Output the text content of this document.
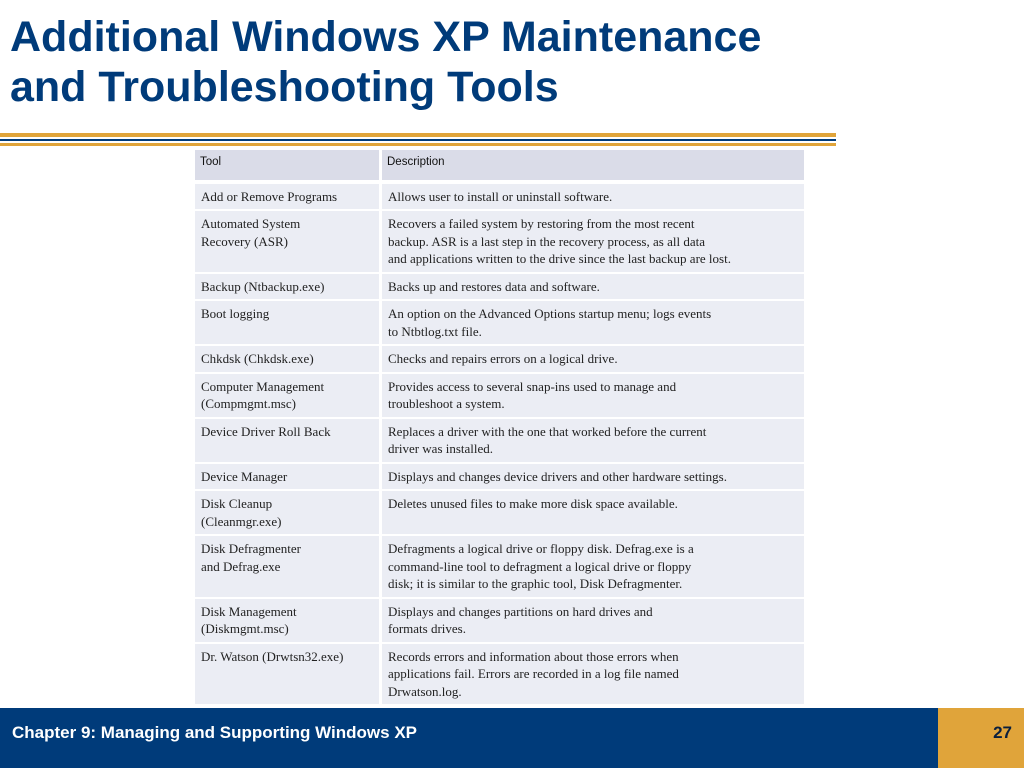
Additional Windows XP Maintenance
and Troubleshooting Tools
Tool	Description

Add or Remove Programs	Allows user to install or uninstall software.

Automated System
Recovery (ASR)	Recovers a failed system by restoring from the most recent
backup. ASR is a last step in the recovery process, as all data
and applications written to the drive since the last backup are lost.

Backup (Ntbackup.exe)	Backs up and restores data and software.

Boot logging	An option on the Advanced Options startup menu; logs events
to Ntbtlog.txt file.

Chkdsk (Chkdsk.exe)	Checks and repairs errors on a logical drive.

Computer Management
(Compmgmt.msc)	Provides access to several snap-ins used to manage and
troubleshoot a system.

Device Driver Roll Back	Replaces a driver with the one that worked before the current
driver was installed.

Device Manager	Displays and changes device drivers and other hardware settings.

Disk Cleanup
(Cleanmgr.exe)	Deletes unused files to make more disk space available.

Disk Defragmenter
and Defrag.exe	Defragments a logical drive or floppy disk. Defrag.exe is a
command-line tool to defragment a logical drive or floppy
disk; it is similar to the graphic tool, Disk Defragmenter.

Disk Management
(Diskmgmt.msc)	Displays and changes partitions on hard drives and
formats drives.

Dr. Watson (Drwtsn32.exe)	Records errors and information about those errors when
applications fail. Errors are recorded in a log file named
Drwatson.log.
Chapter 9: Managing and Supporting Windows XP	27
